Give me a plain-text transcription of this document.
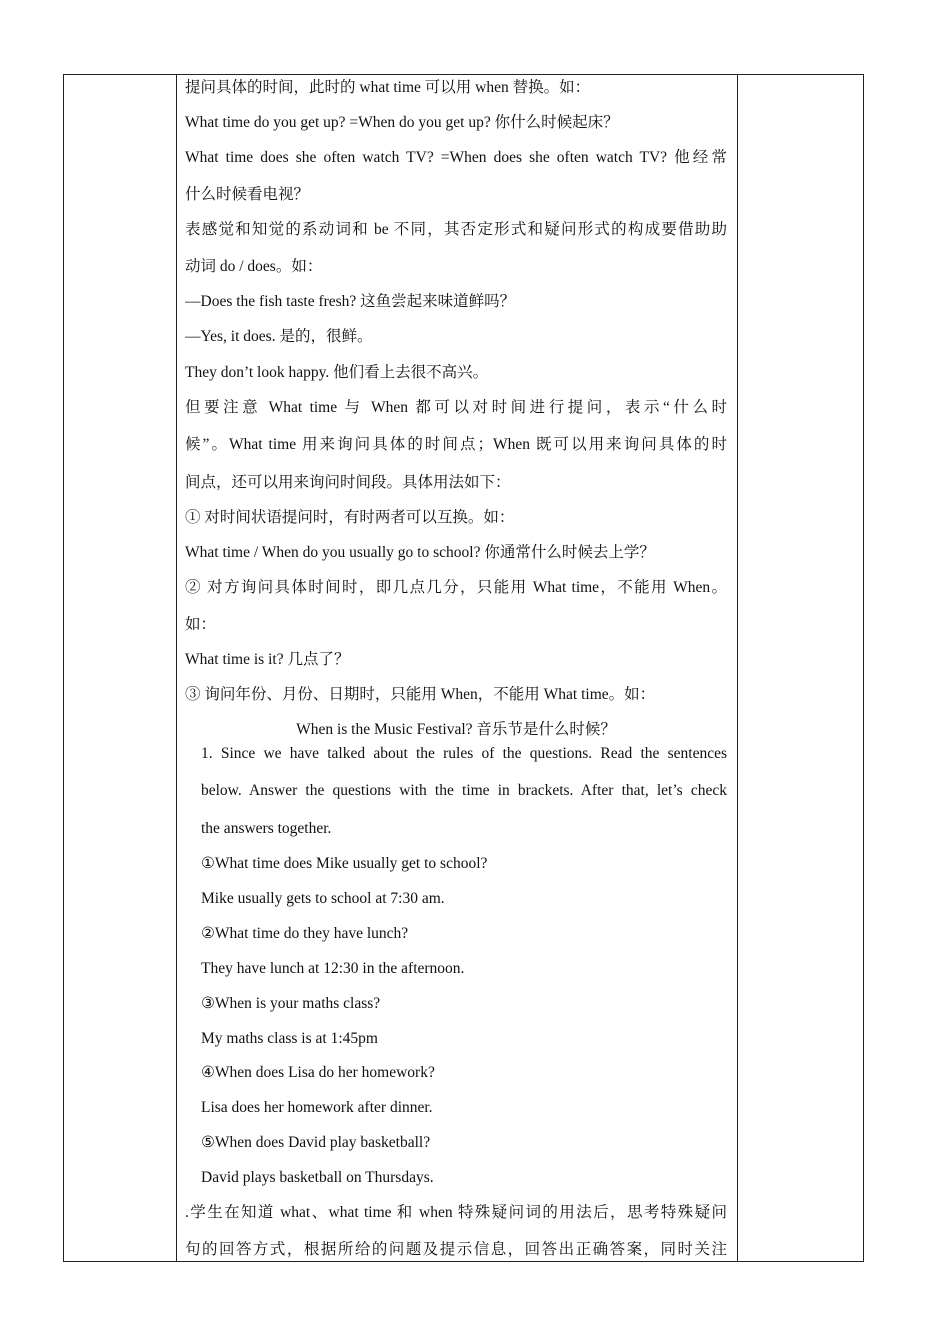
提问具体的时间，此时的 what time 可以用 when 替换。如：
What time do you get up? =When do you get up? 你什么时候起床？
What time does she often watch TV? =When does she often watch TV? 他经常
什么时候看电视？
表感觉和知觉的系动词和 be 不同，其否定形式和疑问形式的构成要借助助
动词 do / does。如：
—Does the fish taste fresh? 这鱼尝起来味道鲜吗？
—Yes, it does. 是的，很鲜。
They don’t look happy. 他们看上去很不高兴。
但要注意 What time 与 When 都可以对时间进行提问，表示“什么时
候”。What time 用来询问具体的时间点；When 既可以用来询问具体的时
间点，还可以用来询问时间段。具体用法如下：
① 对时间状语提问时，有时两者可以互换。如：
What time / When do you usually go to school? 你通常什么时候去上学？
② 对方询问具体时间时，即几点几分，只能用 What time，不能用 When。
如：
What time is it? 几点了？
③ 询问年份、月份、日期时，只能用 When，不能用 What time。如：
When is the Music Festival? 音乐节是什么时候？
1. Since we have talked about the rules of the questions. Read the sentences
below. Answer the questions with the time in brackets. After that, let’s check
the answers together.
①What time does Mike usually get to school?
Mike usually gets to school at 7:30 am.
②What time do they have lunch?
They have lunch at 12:30 in the afternoon.
③When is your maths class?
My maths class is at 1:45pm
④When does Lisa do her homework?
Lisa does her homework after dinner.
⑤When does David play basketball?
David plays basketball on Thursdays.
.学生在知道 what、what time 和 when 特殊疑问词的用法后，思考特殊疑问
句的回答方式，根据所给的问题及提示信息，回答出正确答案，同时关注
